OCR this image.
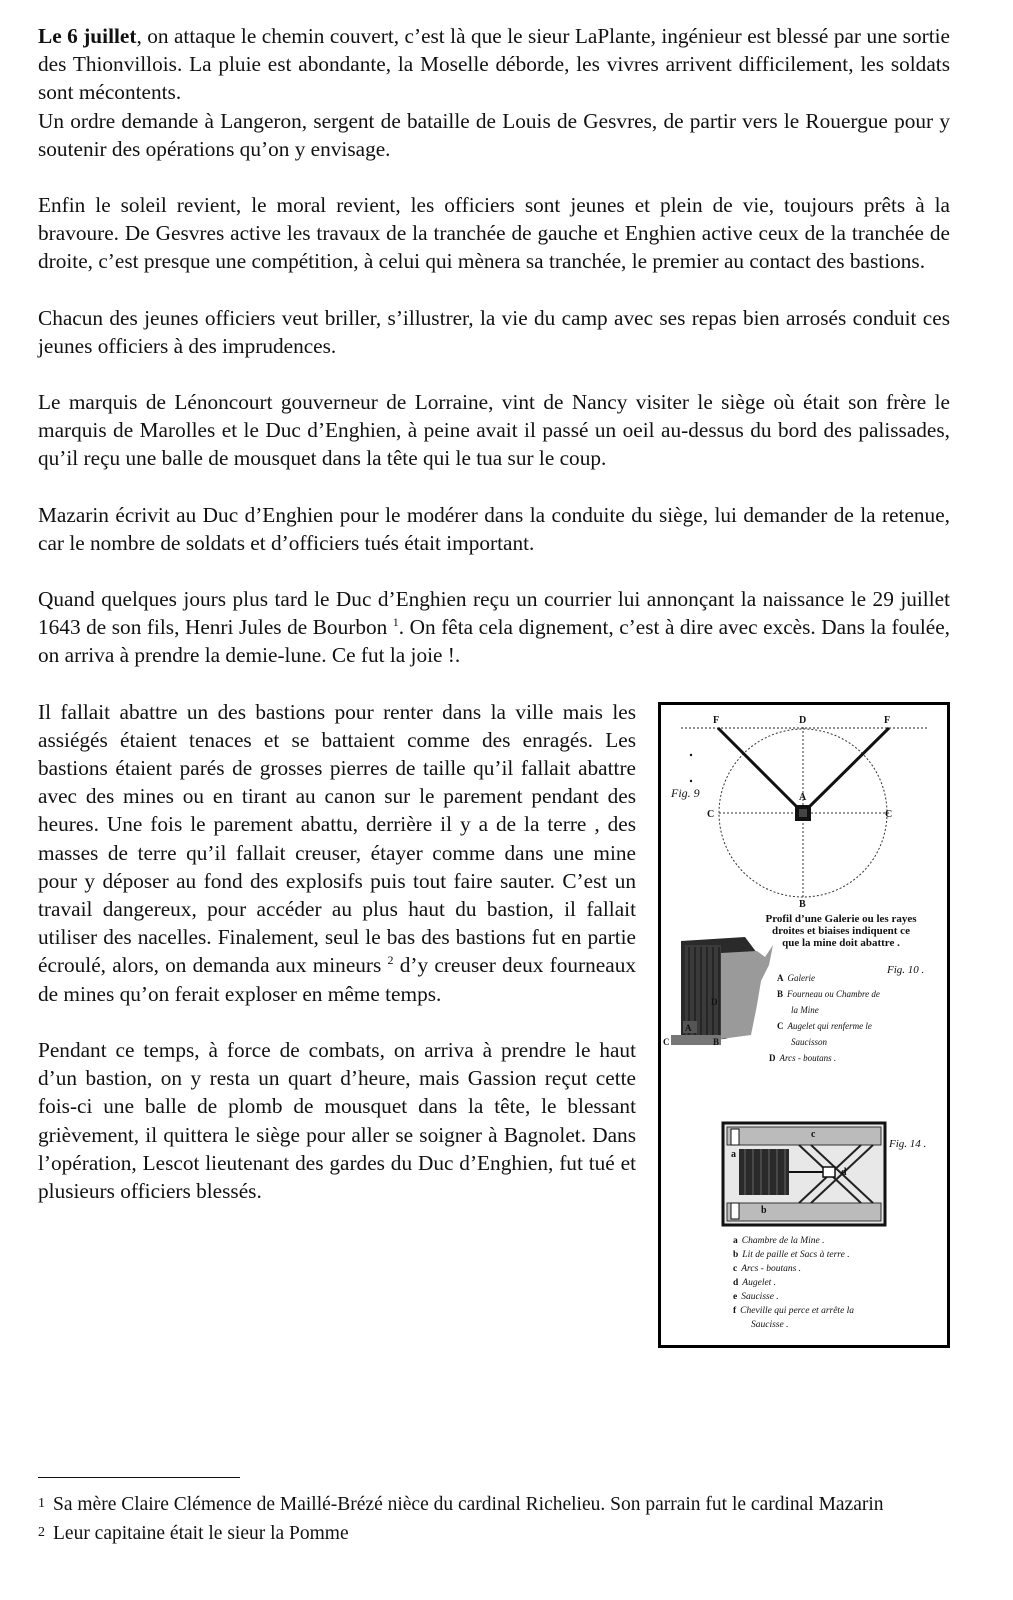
Le 6 juillet, on attaque le chemin couvert, c’est là que le sieur LaPlante, ingénieur est blessé par une sortie des Thionvillois. La pluie est abondante, la Moselle déborde, les vivres arrivent difficilement, les soldats sont mécontents.

Un ordre demande à Langeron, sergent de bataille de Louis de Gesvres, de partir vers le Rouergue pour y soutenir des opérations qu’on y envisage.

Enfin le soleil revient, le moral revient, les officiers sont jeunes et plein de vie, toujours prêts à la bravoure. De Gesvres active les travaux de la tranchée de gauche et Enghien active ceux de la tranchée de droite, c’est presque une compétition, à celui qui mènera sa tranchée, le premier au contact des bastions.

Chacun des jeunes officiers veut briller, s’illustrer, la vie du camp avec ses repas bien arrosés conduit ces jeunes officiers à des imprudences.

Le marquis de Lénoncourt gouverneur de Lorraine, vint de Nancy visiter le siège où était son frère le marquis de Marolles et le Duc d’Enghien, à peine avait il passé un oeil au-dessus du bord des palissades, qu’il reçu une balle de mousquet dans la tête qui le tua sur le coup.

Mazarin écrivit au Duc d’Enghien pour le modérer dans la conduite du siège, lui demander de la retenue, car le nombre de soldats et d’officiers tués était important.

Quand quelques jours plus tard le Duc d’Enghien reçu un courrier lui annonçant la naissance le 29 juillet 1643 de son fils, Henri Jules de Bourbon $^1$. On fêta cela dignement, c’est à dire avec excès. Dans la foulée, on arriva à prendre la demie-lune. Ce fut la joie !.

F	D	F
A
C	C
B
Fig. 9
Profil d’une Galerie ou les rayes
droites et biaises indiquent ce
que la mine doit abattre .
A
B
C
D
Fig. 10 .
A Galerie
B Fourneau ou Chambre de
la Mine
C Augelet qui renferme le
Saucisson
D Arcs - boutans .
a
b
c
d
Fig. 14 .
a Chambre de la Mine .
b Lit de paille et Sacs à terre .
c Arcs - boutans .
d Augelet .
e Saucisse .
f Cheville qui perce et arrête la
Saucisse .

Il fallait abattre un des bastions pour renter dans la ville mais les assiégés étaient tenaces et se battaient comme des enragés. Les bastions étaient parés de grosses pierres de taille qu’il fallait abattre avec des mines ou en tirant au canon sur le parement pendant des heures. Une fois le parement abattu, derrière il y a de la terre , des masses de terre qu’il fallait creuser, étayer comme dans une mine pour y déposer au fond des explosifs puis tout faire sauter. C’est un travail dangereux, pour accéder au plus haut du bastion, il fallait utiliser des nacelles. Finalement, seul le bas des bastions fut en partie écroulé, alors, on demanda aux mineurs $^2$ d’y creuser deux fourneaux de mines qu’on ferait exploser en même temps.

Pendant ce temps, à force de combats, on arriva à prendre le haut d’un bastion, on y resta un quart d’heure, mais Gassion reçut cette fois-ci une balle de plomb de mousquet dans la tête, le blessant grièvement, il quittera le siège pour aller se soigner à Bagnolet. Dans l’opération, Lescot lieutenant des gardes du Duc d’Enghien, fut tué et plusieurs officiers blessés.

1 Sa mère Claire Clémence de Maillé-Brézé nièce du cardinal Richelieu. Son parrain fut le cardinal Mazarin

2 Leur capitaine était le sieur la Pomme
